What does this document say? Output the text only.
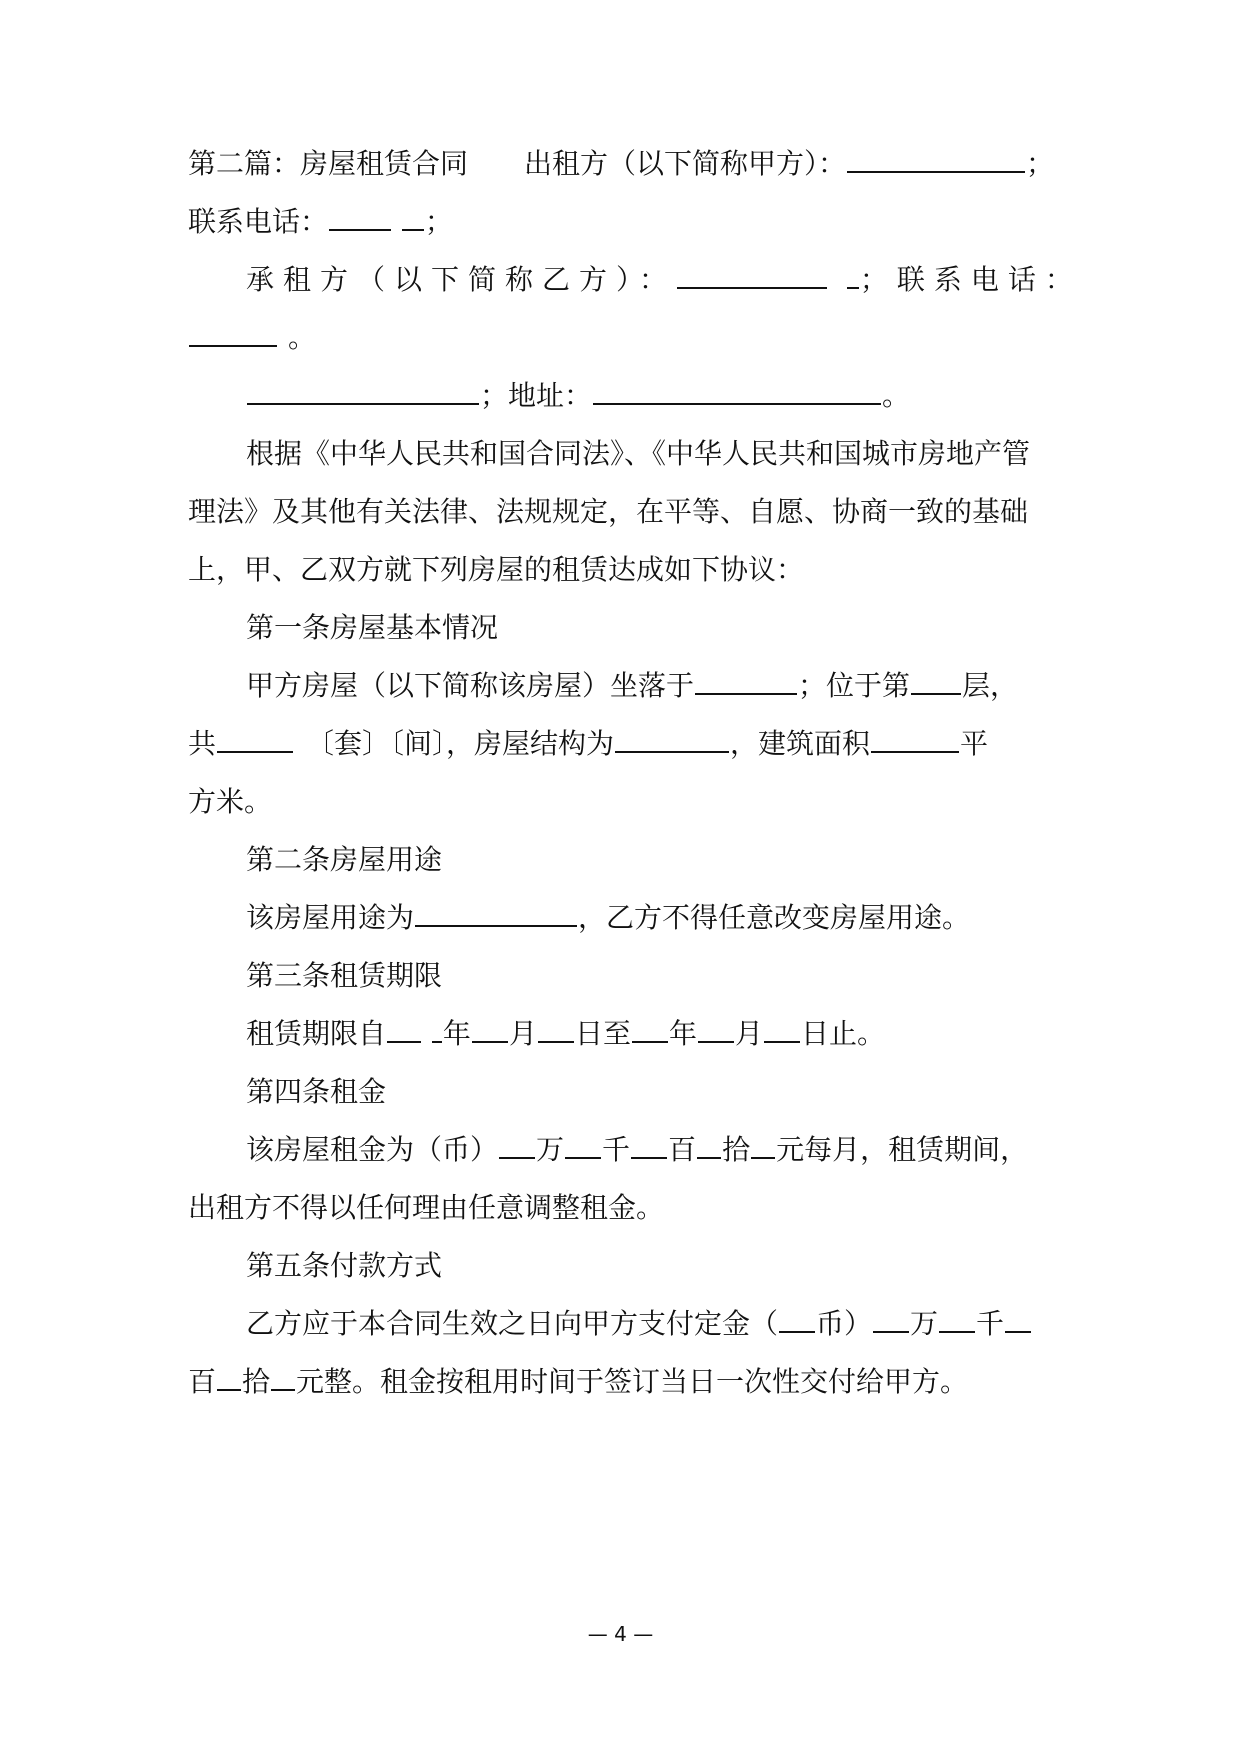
第二篇：房屋租赁合同 出租方（以下简称甲方）：	；
联系电话：	；
承租方（以下简称乙方）：	；联系电话：
。
；地址：	。
根据《中华人民共和国合同法》、《中华人民共和国城市房地产管
理法》及其他有关法律、法规规定，在平等、自愿、协商一致的基础
上，甲、乙双方就下列房屋的租赁达成如下协议：
第一条房屋基本情况
甲方房屋（以下简称该房屋）坐落于	；位于第 层，
共	〔套〕〔间〕，房屋结构为	，建筑面积	平
方米。
第二条房屋用途
该房屋用途为	，乙方不得任意改变房屋用途。
第三条租赁期限
租赁期限自 年 月 日至 年 月 日止。
第四条租金
该房屋租金为（币） 万 千 百 拾 元每月，租赁期间，
出租方不得以任何理由任意调整租金。
第五条付款方式
乙方应于本合同生效之日向甲方支付定金（ 币） 万 千
百 拾 元整。租金按租用时间于签订当日一次性交付给甲方。
— 4 —
